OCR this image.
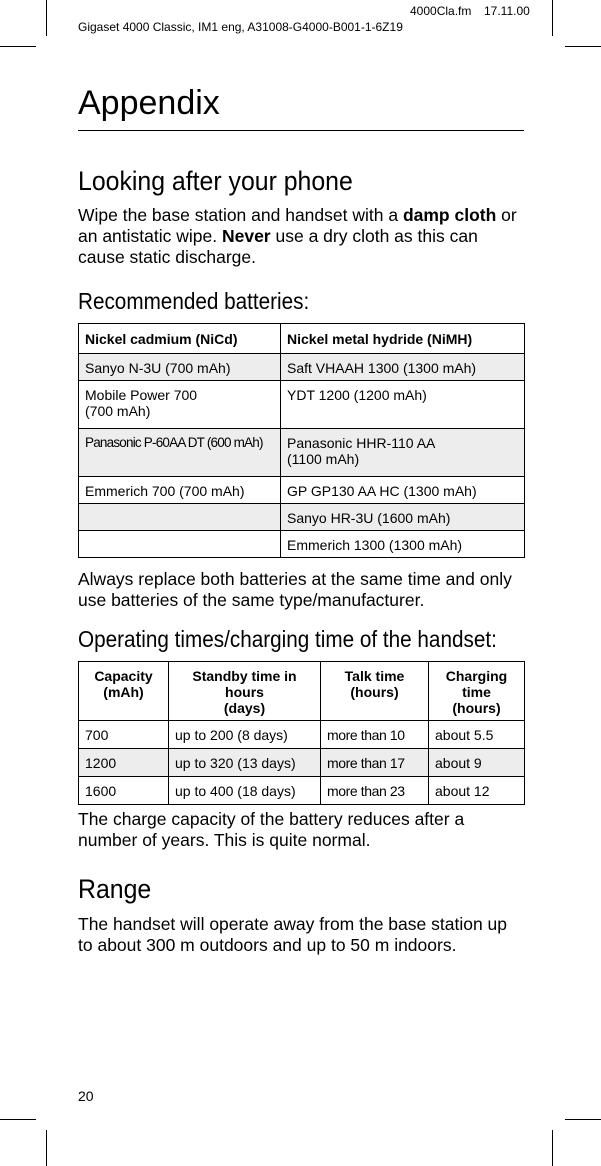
4000Cla.fm 17.11.00
Gigaset 4000 Classic, IM1 eng, A31008-G4000-B001-1-6Z19
Appendix
Looking after your phone

Wipe the base station and handset with a damp cloth or an antistatic wipe. Never use a dry cloth as this can cause static discharge.

Recommended batteries:
Nickel cadmium (NiCd)	Nickel metal hydride (NiMH)
Sanyo N-3U (700 mAh)	Saft VHAAH 1300 (1300 mAh)
Mobile Power 700
(700 mAh)	YDT 1200 (1200 mAh)
Panasonic P-60AA DT (600 mAh)	Panasonic HHR-110 AA
(1100 mAh)
Emmerich 700 (700 mAh)	GP GP130 AA HC (1300 mAh)
	Sanyo HR-3U (1600 mAh)
	Emmerich 1300 (1300 mAh)

Always replace both batteries at the same time and only use batteries of the same type/manufacturer.

Operating times/charging time of the handset:
Capacity
(mAh)	Standby time in
hours
(days)	Talk time
(hours)	Charging
time
(hours)
700	up to 200 (8 days)	more than 10	about 5.5
1200	up to 320 (13 days)	more than 17	about 9
1600	up to 400 (18 days)	more than 23	about 12

The charge capacity of the battery reduces after a number of years. This is quite normal.

Range

The handset will operate away from the base station up to about 300 m outdoors and up to 50 m indoors.

20
